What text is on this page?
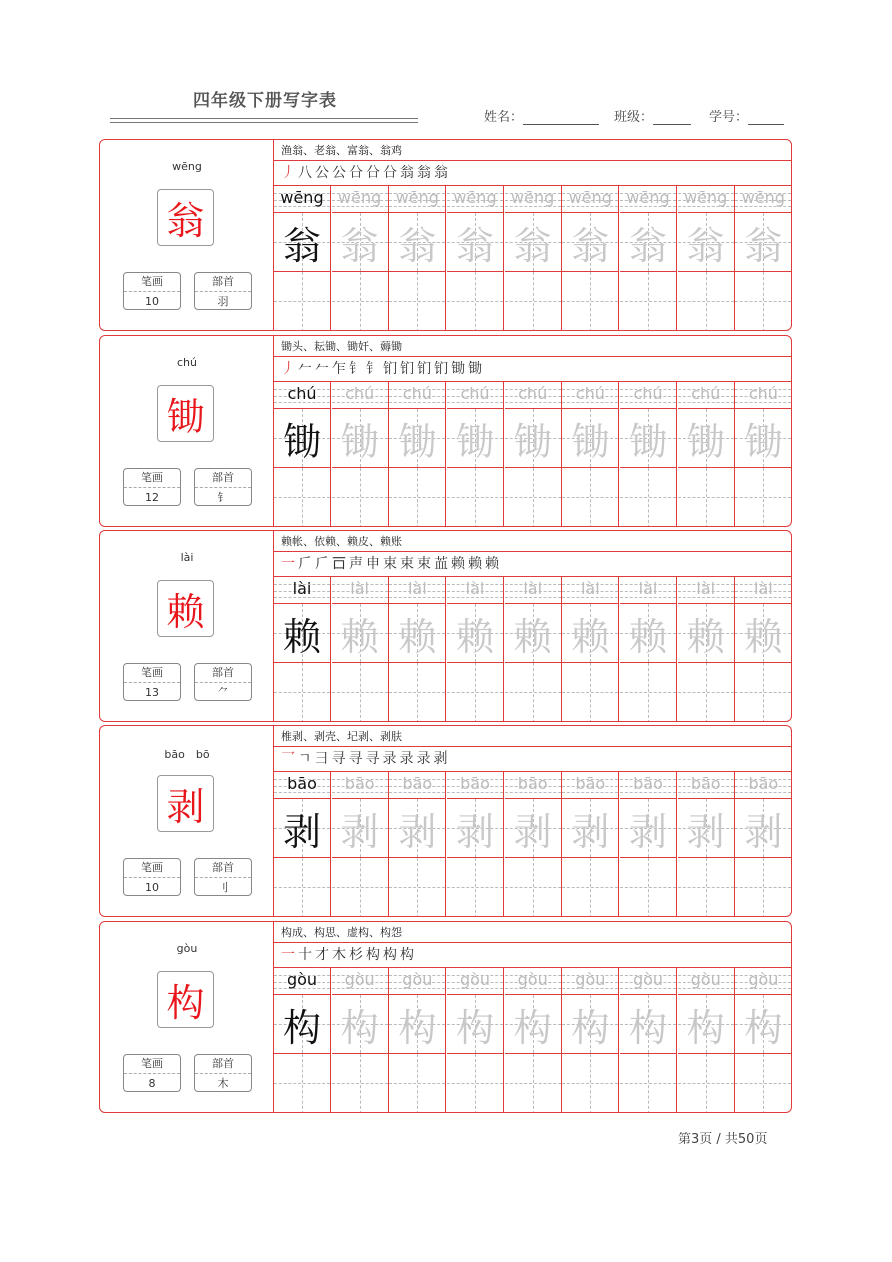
四年级下册写字表
姓名：	班级：	学号：
wēng
翁
笔画
10
部首
羽
渔翁、老翁、富翁、翁鸡
丿八公公㕣㕣㕣翁翁翁
wēng
翁
wēng
翁
wēng
翁
wēng
翁
wēng
翁
wēng
翁
wēng
翁
wēng
翁
wēng
翁
chú
锄
笔画
12
部首
钅
锄头、耘锄、锄奸、薅锄
丿𠂉𠂉乍钅钅钔钔钔钔锄锄
chú
锄
chú
锄
chú
锄
chú
锄
chú
锄
chú
锄
chú
锄
chú
锄
chú
锄
lài
赖
笔画
13
部首
⺈
赖帐、依赖、赖皮、赖账
一𠂆𠂆𠮛声申束束束䒸赖赖赖
lài
赖
lài
赖
lài
赖
lài
赖
lài
赖
lài
赖
lài
赖
lài
赖
lài
赖
bāo　bō
剥
笔画
10
部首
刂
椎剥、剥壳、圮剥、剥肤
乛ㄱ彐寻寻寻录录录剥
bāo
剥
bāo
剥
bāo
剥
bāo
剥
bāo
剥
bāo
剥
bāo
剥
bāo
剥
bāo
剥
gòu
构
笔画
8
部首
木
构成、构思、虚构、构怨
一十才木杉构构构
gòu
构
gòu
构
gòu
构
gòu
构
gòu
构
gòu
构
gòu
构
gòu
构
gòu
构
第3页 / 共50页
